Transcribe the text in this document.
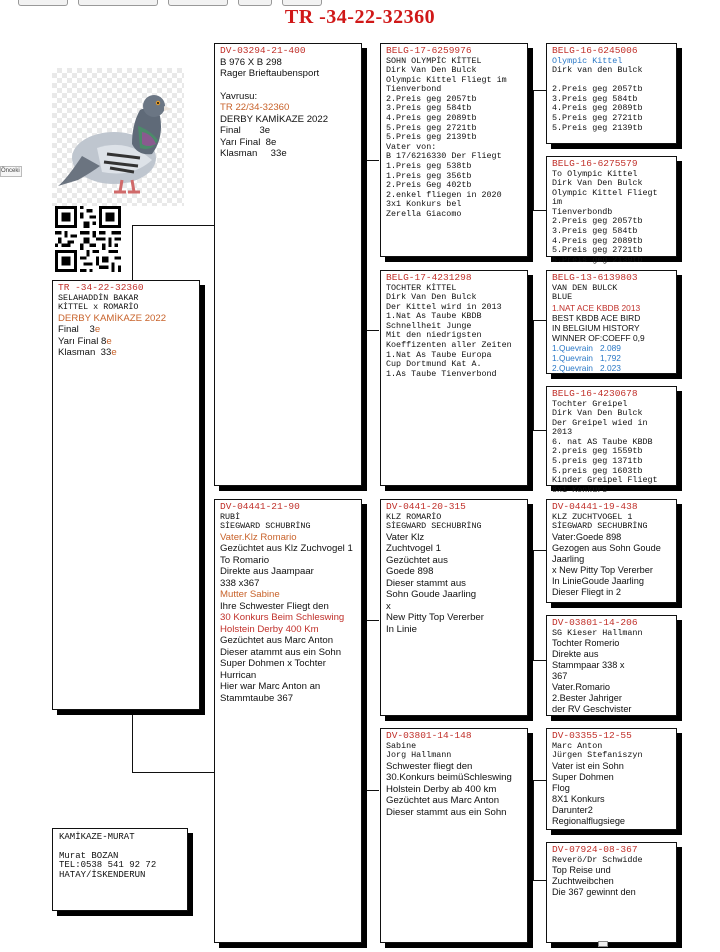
Önceki
TR -34-22-32360
TR -34-22-32360
SELAHADDİN BAKAR
KİTTEL x ROMARİO
DERBY KAMİKAZE 2022
Final 3e
Yarı Final 8e
Klasman 33e
KAMİKAZE-MURAT
Murat BOZAN
TEL:0538 541 92 72
HATAY/İSKENDERUN
DV-03294-21-400
B 976 X B 298
Rager Brieftaubensport
Yavrusu:
TR 22/34-32360
DERBY KAMİKAZE 2022
Final       3e
Yarı Final  8e
Klasman     33e
DV-04441-21-90
RUBİ
SİEGWARD SCHUBRİNG
Vater.Klz Romario
Gezüchtet aus Klz Zuchvogel 1
To Romario
Direkte aus Jaampaar
338 x367
Mutter Sabine
Ihre Schwester Fliegt den
30 Konkurs Beim Schleswing
Holstein Derby 400 Km
Gezüchtet aus Marc Anton
Dieser atammt aus ein Sohn
Super Dohmen x Tochter
Hurrican
Hier war Marc Anton an
Stammtaube 367
BELG-17-6259976
SOHN OLYMPİC KİTTEL
Dirk Van Den Bulck
Olympic Kittel Fliegt im
Tienverbond
2.Preis geg 2057tb
3.Preis geg 584tb
4.Preis geg 2089tb
5.Preis geg 2721tb
5.Preis geg 2139tb
Vater von:
B 17/6216330 Der Fliegt
1.Preis geg 538tb
1.Preis geg 356tb
2.Preis Geg 402tb
2.enkel fliegen in 2020
3x1 Konkurs bel
Zerella Giacomo
BELG-17-4231298
TOCHTER KİTTEL
Dirk Van Den Bulck
Der Kittel wird in 2013
1.Nat As Taube KBDB
Schnellheit Junge
Mit den niedrigsten
Koeffizenten aller Zeiten
1.Nat As Taube Europa
Cup Dortmund Kat A.
1.As Taube Tienverbond
DV-0441-20-315
KLZ ROMARİO
SİEGWARD SECHUBRİNG
Vater Klz
Zuchtvogel 1
Gezüchtet aus
Goede 898
Dieser stammt aus
Sohn Goude Jaarling
x
New Pitty Top Vererber
In Linie
DV-03801-14-148
Sabine
Jorg Hallmann
Schwester fliegt den
30.Konkurs beimüSchleswing
Holstein Derby ab 400 km
Gezüchtet aus Marc Anton
Dieser stammt aus ein Sohn
BELG-16-6245006
Olympic Kittel
Dirk van den Bulck

2.Preis geg 2057tb
3.Preis geg 584tb
4.Preis geg 2089tb
5.Preis geg 2721tb
5.Preis geg 2139tb
BELG-16-6275579
To Olympic Kittel
Dirk Van Den Bulck
Olympic Kittel Fliegt im
Tienverbondb
2.Preis geg 2057tb
3.Preis geg 584tb
4.Preis geg 2089tb
5.Preis geg 2721tb
5.Preis geg 2139tb
BELG-13-6139803
VAN DEN BULCK
BLUE
1.NAT ACE KBDB 2013
BEST KBDB ACE BIRD
IN BELGIUM HISTORY
WINNER OF:COEFF 0,9
1.Quevrain 2.089
1.Quevrain 1,792
2.Quevrain 2.023
BELG-16-4230678
Tochter Greipel
Dirk Van Den Bulck
Der Greipel wied in 2013
6. nat AS Taube KBDB
2.preis geg 1559tb
5.preis geg 1371tb
5.preis geg 1603tb
Kinder Greipel Fliegt
8x1 Konkurs
DV-04441-19-438
KLZ ZUCHTVOGEL 1
SİEGWARD SECHUBRİNG
Vater:Goede 898
Gezogen aus Sohn Goude
Jaarling
x New Pitty Top Vererber
In LinieGoude Jaarling
Dieser Fliegt in 2
DV-03801-14-206
SG Kieser Hallmann
Tochter Romerio
Direkte aus
Stammpaar 338 x
367
Vater.Romario
2.Bester Jahriger
der RV Geschvister
DV-03355-12-55
Marc Anton
Jürgen Stefaniszyn
Vater ist ein Sohn
Super Dohmen
Flog
8X1 Konkurs
Darunter2
Regionalflugsiege
DV-07924-08-367
Reverö/Dr Schwidde
Top Reise und
Zuchtweibchen
Die 367 gewinnt den
